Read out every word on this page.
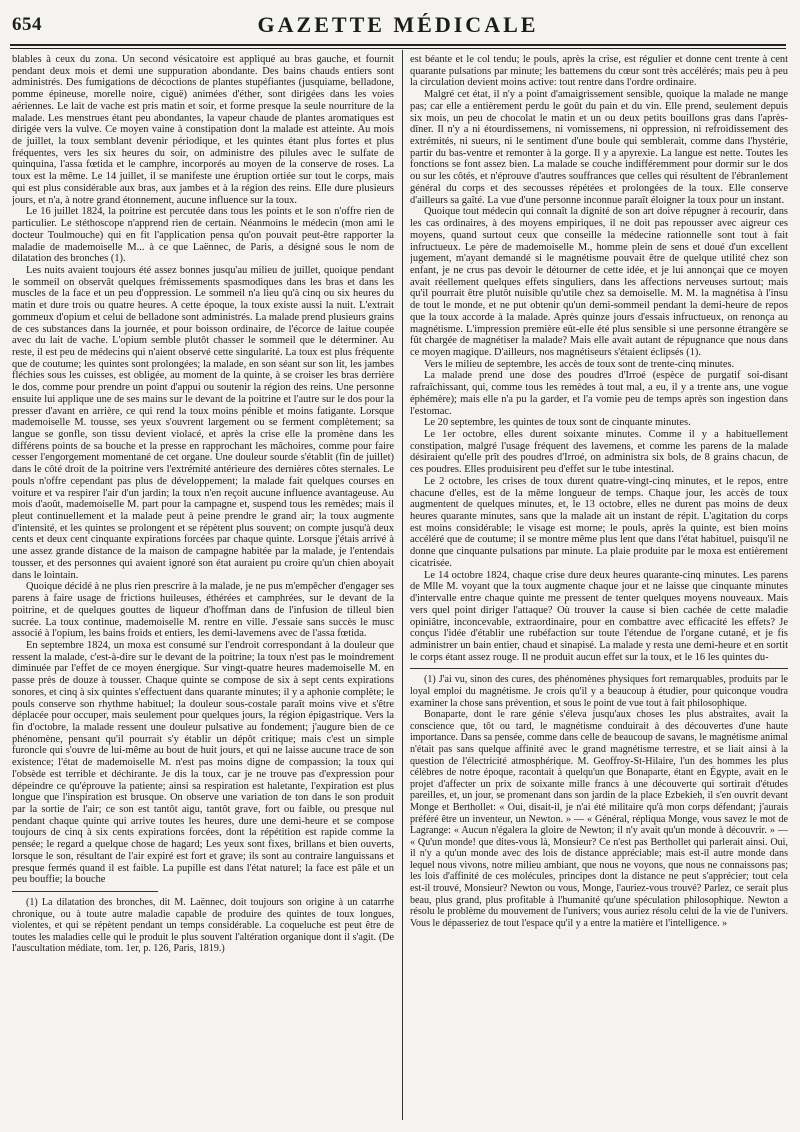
654	GAZETTE MÉDICALE

blables à ceux du zona. Un second vésicatoire est appliqué au bras gauche, et fournit pendant deux mois et demi une suppuration abondante. Des bains chauds entiers sont administrés. Des fumigations de décoctions de plantes stupéfiantes (jusquiame, belladone, pomme épineuse, morelle noire, ciguë) animées d'éther, sont dirigées dans les voies aériennes. Le lait de vache est pris matin et soir, et forme presque la seule nourriture de la malade. Les menstrues étant peu abondantes, la vapeur chaude de plantes aromatiques est dirigée vers la vulve. Ce moyen vaine à constipation dont la malade est atteinte. Au mois de juillet, la toux semblant devenir périodique, et les quintes étant plus fortes et plus fréquentes, vers les six heures du soir, on administre des pilules avec le sulfate de quinquina, l'assa fœtida et le camphre, incorporés au moyen de la conserve de roses. La toux est la même. Le 14 juillet, il se manifeste une éruption ortiée sur tout le corps, mais qui est plus considérable aux bras, aux jambes et à la région des reins. Elle dure plusieurs jours, et n'a, à notre grand étonnement, aucune influence sur la toux.

Le 16 juillet 1824, la poitrine est percutée dans tous les points et le son n'offre rien de particulier. Le stéthoscope n'apprend rien de certain. Néanmoins le médecin (mon ami le docteur Toulmouche) qui en fit l'application pensa qu'on pouvait peut-être rapporter la maladie de mademoiselle M... à ce que Laënnec, de Paris, a désigné sous le nom de dilatation des bronches (1).

Les nuits avaient toujours été assez bonnes jusqu'au milieu de juillet, quoique pendant le sommeil on observât quelques frémissements spasmodiques dans les bras et dans les muscles de la face et un peu d'oppression. Le sommeil n'a lieu qu'à cinq ou six heures du matin et dure trois ou quatre heures. A cette époque, la toux existe aussi la nuit. L'extrait gommeux d'opium et celui de belladone sont administrés. La malade prend plusieurs grains de ces substances dans la journée, et pour boisson ordinaire, de l'écorce de laitue coupée avec du lait de vache. L'opium semble plutôt chasser le sommeil que le déterminer. Au reste, il est peu de médecins qui n'aient observé cette singularité. La toux est plus fréquente que de coutume; les quintes sont prolongées; la malade, en son séant sur son lit, les jambes fléchies sous les cuisses, est obligée, au moment de la quinte, à se croiser les bras derrière le dos, comme pour prendre un point d'appui ou soutenir la région des reins. Une personne ensuite lui applique une de ses mains sur le devant de la poitrine et l'autre sur le dos pour la presser d'avant en arrière, ce qui rend la toux moins pénible et moins fatigante. Lorsque mademoiselle M. tousse, ses yeux s'ouvrent largement ou se ferment complètement; sa langue se gonfle, son tissu devient violacé, et après la crise elle la promène dans les différens points de sa bouche et la presse en rapprochant les mâchoires, comme pour faire cesser l'engorgement momentané de cet organe. Une douleur sourde s'établit (fin de juillet) dans le côté droit de la poitrine vers l'extrémité antérieure des dernières côtes sternales. Le pouls n'offre cependant pas plus de développement; la malade fait quelques courses en voiture et va respirer l'air d'un jardin; la toux n'en reçoit aucune influence avantageuse. Au mois d'août, mademoiselle M. part pour la campagne et, suspend tous les remèdes; mais il pleut continuellement et la malade peut à peine prendre le grand air; la toux augmente d'intensité, et les quintes se prolongent et se répètent plus souvent; on compte jusqu'à deux cents et deux cent cinquante expirations forcées par chaque quinte. Lorsque j'étais arrivé à une assez grande distance de la maison de campagne habitée par la malade, je l'entendais tousser, et des personnes qui avaient ignoré son état auraient pu croire qu'un chien aboyait dans le lointain.

Quoique décidé à ne plus rien prescrire à la malade, je ne pus m'empêcher d'engager ses parens à faire usage de frictions huileuses, éthérées et camphrées, sur le devant de la poitrine, et de quelques gouttes de liqueur d'hoffman dans de l'infusion de tilleul bien sucrée. La toux continue, mademoiselle M. rentre en ville. J'essaie sans succès le musc associé à l'opium, les bains froids et entiers, les demi-lavemens avec de l'assa fœtida.

En septembre 1824, un moxa est consumé sur l'endroit correspondant à la douleur que ressent la malade, c'est-à-dire sur le devant de la poitrine; la toux n'est pas le moindrement diminuée par l'effet de ce moyen énergique. Sur vingt-quatre heures mademoiselle M. en passe près de douze à tousser. Chaque quinte se compose de six à sept cents expirations sonores, et cinq à six quintes s'effectuent dans quarante minutes; il y a aphonie complète; le pouls conserve son rhythme habituel; la douleur sous-costale paraît moins vive et s'être déplacée pour occuper, mais seulement pour quelques jours, la région épigastrique. Vers la fin d'octobre, la malade ressent une douleur pulsative au fondement; j'augure bien de ce phénomène, pensant qu'il pourrait s'y établir un dépôt critique; mais c'est un simple furoncle qui s'ouvre de lui-même au bout de huit jours, et qui ne laisse aucune trace de son existence; l'état de mademoiselle M. n'est pas moins digne de compassion; la toux qui l'obsède est terrible et déchirante. Je dis la toux, car je ne trouve pas d'expression pour dépeindre ce qu'éprouve la patiente; ainsi sa respiration est haletante, l'expiration est plus longue que l'inspiration est brusque. On observe une variation de ton dans le son produit par la sortie de l'air; ce son est tantôt aigu, tantôt grave, fort ou faible, ou presque nul pendant chaque quinte qui arrive toutes les heures, dure une demi-heure et se compose toujours de cinq à six cents expirations forcées, dont la répétition est rapide comme la pensée; le regard a quelque chose de hagard; Les yeux sont fixes, brillans et bien ouverts, lorsque le son, résultant de l'air expiré est fort et grave; ils sont au contraire languissans et presque fermés quand il est faible. La pupille est dans l'état naturel; la face est pâle et un peu bouffie; la bouche

(1) La dilatation des bronches, dit M. Laënnec, doit toujours son origine à un catarrhe chronique, ou à toute autre maladie capable de produire des quintes de toux longues, violentes, et qui se répètent pendant un temps considérable. La coqueluche est peut être de toutes les maladies celle qui le produit le plus souvent l'altération organique dont il s'agit. (De l'auscultation médiate, tom. 1er, p. 126, Paris, 1819.)

est béante et le col tendu; le pouls, après la crise, est régulier et donne cent trente à cent quarante pulsations par minute; les battemens du cœur sont très accélérés; mais peu à peu la circulation devient moins active: tout rentre dans l'ordre ordinaire.

Malgré cet état, il n'y a point d'amaigrissement sensible, quoique la malade ne mange pas; car elle a entièrement perdu le goût du pain et du vin. Elle prend, seulement depuis six mois, un peu de chocolat le matin et un ou deux petits bouillons gras dans l'après-dîner. Il n'y a ni étourdissemens, ni vomissemens, ni oppression, ni refroidissement des extrémités, ni sueurs, ni le sentiment d'une boule qui semblerait, comme dans l'hystérie, partir du bas-ventre et remonter à la gorge. Il y a apyrexie. La langue est nette. Toutes les fonctions se font assez bien. La malade se couche indifféremment pour dormir sur le dos ou sur les côtés, et n'éprouve d'autres souffrances que celles qui résultent de l'ébranlement général du corps et des secousses répétées et prolongées de la toux. Elle conserve d'ailleurs sa gaîté. La vue d'une personne inconnue paraît éloigner la toux pour un instant.

Quoique tout médecin qui connaît la dignité de son art doive répugner à recourir, dans les cas ordinaires, à des moyens empiriques, il ne doit pas repousser avec aigreur ces moyens, quand surtout ceux que conseille la médecine rationnelle sont tout à fait infructueux. Le père de mademoiselle M., homme plein de sens et doué d'un excellent jugement, m'ayant demandé si le magnétisme pouvait être de quelque utilité chez son enfant, je ne crus pas devoir le détourner de cette idée, et je lui annonçai que ce moyen avait réellement quelques effets singuliers, dans les affections nerveuses surtout; mais qu'il pourrait être plutôt nuisible qu'utile chez sa demoiselle. M. M. la magnétisa à l'insu de tout le monde, et ne put obtenir qu'un demi-sommeil pendant la demi-heure de repos que la toux accorde à la malade. Après quinze jours d'essais infructueux, on renonça au magnétisme. L'impression première eût-elle été plus sensible si une personne étrangère se fût chargée de magnétiser la malade? Mais elle avait autant de répugnance que nous dans ce moyen magique. D'ailleurs, nos magnétiseurs s'étaient éclipsés (1).

Vers le milieu de septembre, les accès de toux sont de trente-cinq minutes.

La malade prend une dose des poudres d'Irroé (espèce de purgatif soi-disant rafraîchissant, qui, comme tous les remèdes à tout mal, a eu, il y a trente ans, une vogue éphémère); mais elle n'a pu la garder, et l'a vomie peu de temps après son ingestion dans l'estomac.

Le 20 septembre, les quintes de toux sont de cinquante minutes.

Le 1er octobre, elles durent soixante minutes. Comme il y a habituellement constipation, malgré l'usage fréquent des lavemens, et comme les parens de la malade désiraient qu'elle prît des poudres d'Irroé, on administra six bols, de 8 grains chacun, de ces poudres. Elles produisirent peu d'effet sur le tube intestinal.

Le 2 octobre, les crises de toux durent quatre-vingt-cinq minutes, et le repos, entre chacune d'elles, est de la même longueur de temps. Chaque jour, les accès de toux augmentent de quelques minutes, et, le 13 octobre, elles ne durent pas moins de deux heures quarante minutes, sans que la malade ait un instant de répit. L'agitation du corps est moins considérable; le visage est morne; le pouls, après la quinte, est bien moins accéléré que de coutume; il se montre même plus lent que dans l'état habituel, puisqu'il ne donne que cinquante pulsations par minute. La plaie produite par le moxa est entièrement cicatrisée.

Le 14 octobre 1824, chaque crise dure deux heures quarante-cinq minutes. Les parens de Mlle M. voyant que la toux augmente chaque jour et ne laisse que cinquante minutes d'intervalle entre chaque quinte me pressent de tenter quelques moyens nouveaux. Mais vers quel point diriger l'attaque? Où trouver la cause si bien cachée de cette maladie opiniâtre, inconcevable, extraordinaire, pour en combattre avec efficacité les effets? Je conçus l'idée d'établir une rubéfaction sur toute l'étendue de l'organe cutané, et je fis administrer un bain entier, chaud et sinapisé. La malade y resta une demi-heure et en sortit le corps étant assez rouge. Il ne produit aucun effet sur la toux, et le 16 les quintes du-

(1) J'ai vu, sinon des cures, des phénomènes physiques fort remarquables, produits par le loyal emploi du magnétisme. Je crois qu'il y a beaucoup à étudier, pour quiconque voudra examiner la chose sans prévention, et sous le point de vue tout à fait philosophique.

Bonaparte, dont le rare génie s'éleva jusqu'aux choses les plus abstraites, avait la conscience que, tôt ou tard, le magnétisme conduirait à des découvertes d'une haute importance. Dans sa pensée, comme dans celle de beaucoup de savans, le magnétisme animal n'était pas sans quelque affinité avec le grand magnétisme terrestre, et se liait ainsi à la question de l'électricité atmosphérique. M. Geoffroy-St-Hilaire, l'un des hommes les plus célèbres de notre époque, racontait à quelqu'un que Bonaparte, étant en Égypte, avait en le projet d'affecter un prix de soixante mille francs à une découverte qui sortirait d'études pareilles, et, un jour, se promenant dans son jardin de la place Ezbekieh, il s'en ouvrit devant Monge et Berthollet: « Oui, disait-il, je n'ai été militaire qu'à mon corps défendant; j'aurais préféré être un inventeur, un Newton. » — « Général, répliqua Monge, vous savez le mot de Lagrange: « Aucun n'égalera la gloire de Newton; il n'y avait qu'un monde à découvrir. » — « Qu'un monde! que dites-vous là, Monsieur? Ce n'est pas Berthollet qui parlerait ainsi. Oui, il n'y a qu'un monde avec des lois de distance appréciable; mais est-il autre monde dans lequel nous vivons, notre milieu ambiant, que nous ne voyons, que nous ne connaissons pas; les lois d'affinité de ces molécules, principes dont la distance ne peut s'apprécier; tout cela est-il trouvé, Monsieur? Newton ou vous, Monge, l'auriez-vous trouvé? Parlez, ce serait plus beau, plus grand, plus profitable à l'humanité qu'une spéculation philosophique. Newton a résolu le problème du mouvement de l'univers; vous auriez résolu celui de la vie de l'univers. Vous le dépasseriez de tout l'espace qu'il y a entre la matière et l'intelligence. »
